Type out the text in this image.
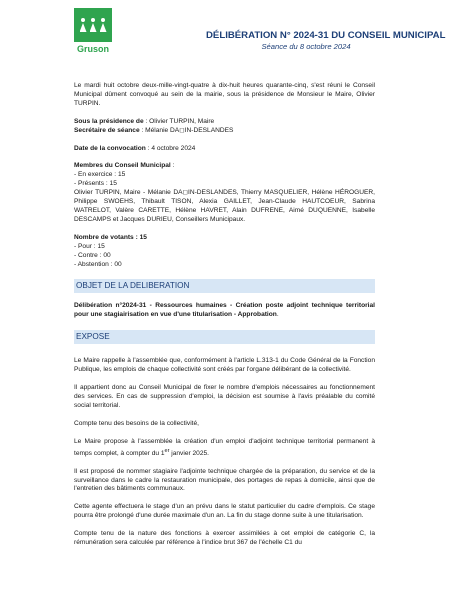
Gruson
DÉLIBÉRATION N° 2024-31 DU CONSEIL MUNICIPAL
Séance du 8 octobre 2024

Le mardi huit octobre deux-mille-vingt-quatre à dix-huit heures quarante-cinq, s'est réuni le Conseil Municipal dûment convoqué au sein de la mairie, sous la présidence de Monsieur le Maire, Olivier TURPIN.

Sous la présidence de : Olivier TURPIN, Maire

Secrétaire de séance : Mélanie DA◻IN-DESLANDES

Date de la convocation : 4 octobre 2024

Membres du Conseil Municipal :

- En exercice : 15
- Présents : 15

Olivier TURPIN, Maire - Mélanie DA◻IN-DESLANDES, Thierry MASQUELIER, Hélène HÉROGUER, Philippe SWOEHS, Thibault TISON, Alexia GAILLET, Jean-Claude HAUTCOEUR, Sabrina WATRELOT, Valère CARETTE, Hélène HAVRET, Alain DUFRENE, Aimé DUQUENNE, Isabelle DESCAMPS et Jacques DURIEU, Conseillers Municipaux.

Nombre de votants : 15

- Pour : 15
- Contre : 00
- Abstention : 00
OBJET DE LA DELIBERATION

Délibération n°2024-31 - Ressources humaines - Création poste adjoint technique territorial pour une stagiairisation en vue d'une titularisation - Approbation.

EXPOSE

Le Maire rappelle à l'assemblée que, conformément à l'article L.313-1 du Code Général de la Fonction Publique, les emplois de chaque collectivité sont créés par l'organe délibérant de la collectivité.

Il appartient donc au Conseil Municipal de fixer le nombre d'emplois nécessaires au fonctionnement des services. En cas de suppression d'emploi, la décision est soumise à l'avis préalable du comité social territorial.

Compte tenu des besoins de la collectivité,

Le Maire propose à l'assemblée la création d'un emploi d'adjoint technique territorial permanent à temps complet, à compter du 1er janvier 2025.

Il est proposé de nommer stagiaire l'adjointe technique chargée de la préparation, du service et de la surveillance dans le cadre la restauration municipale, des portages de repas à domicile, ainsi que de l'entretien des bâtiments communaux.

Cette agente effectuera le stage d'un an prévu dans le statut particulier du cadre d'emplois. Ce stage pourra être prolongé d'une durée maximale d'un an. La fin du stage donne suite à une titularisation.

Compte tenu de la nature des fonctions à exercer assimilées à cet emploi de catégorie C, la rémunération sera calculée par référence à l'indice brut 367 de l'échelle C1 du
